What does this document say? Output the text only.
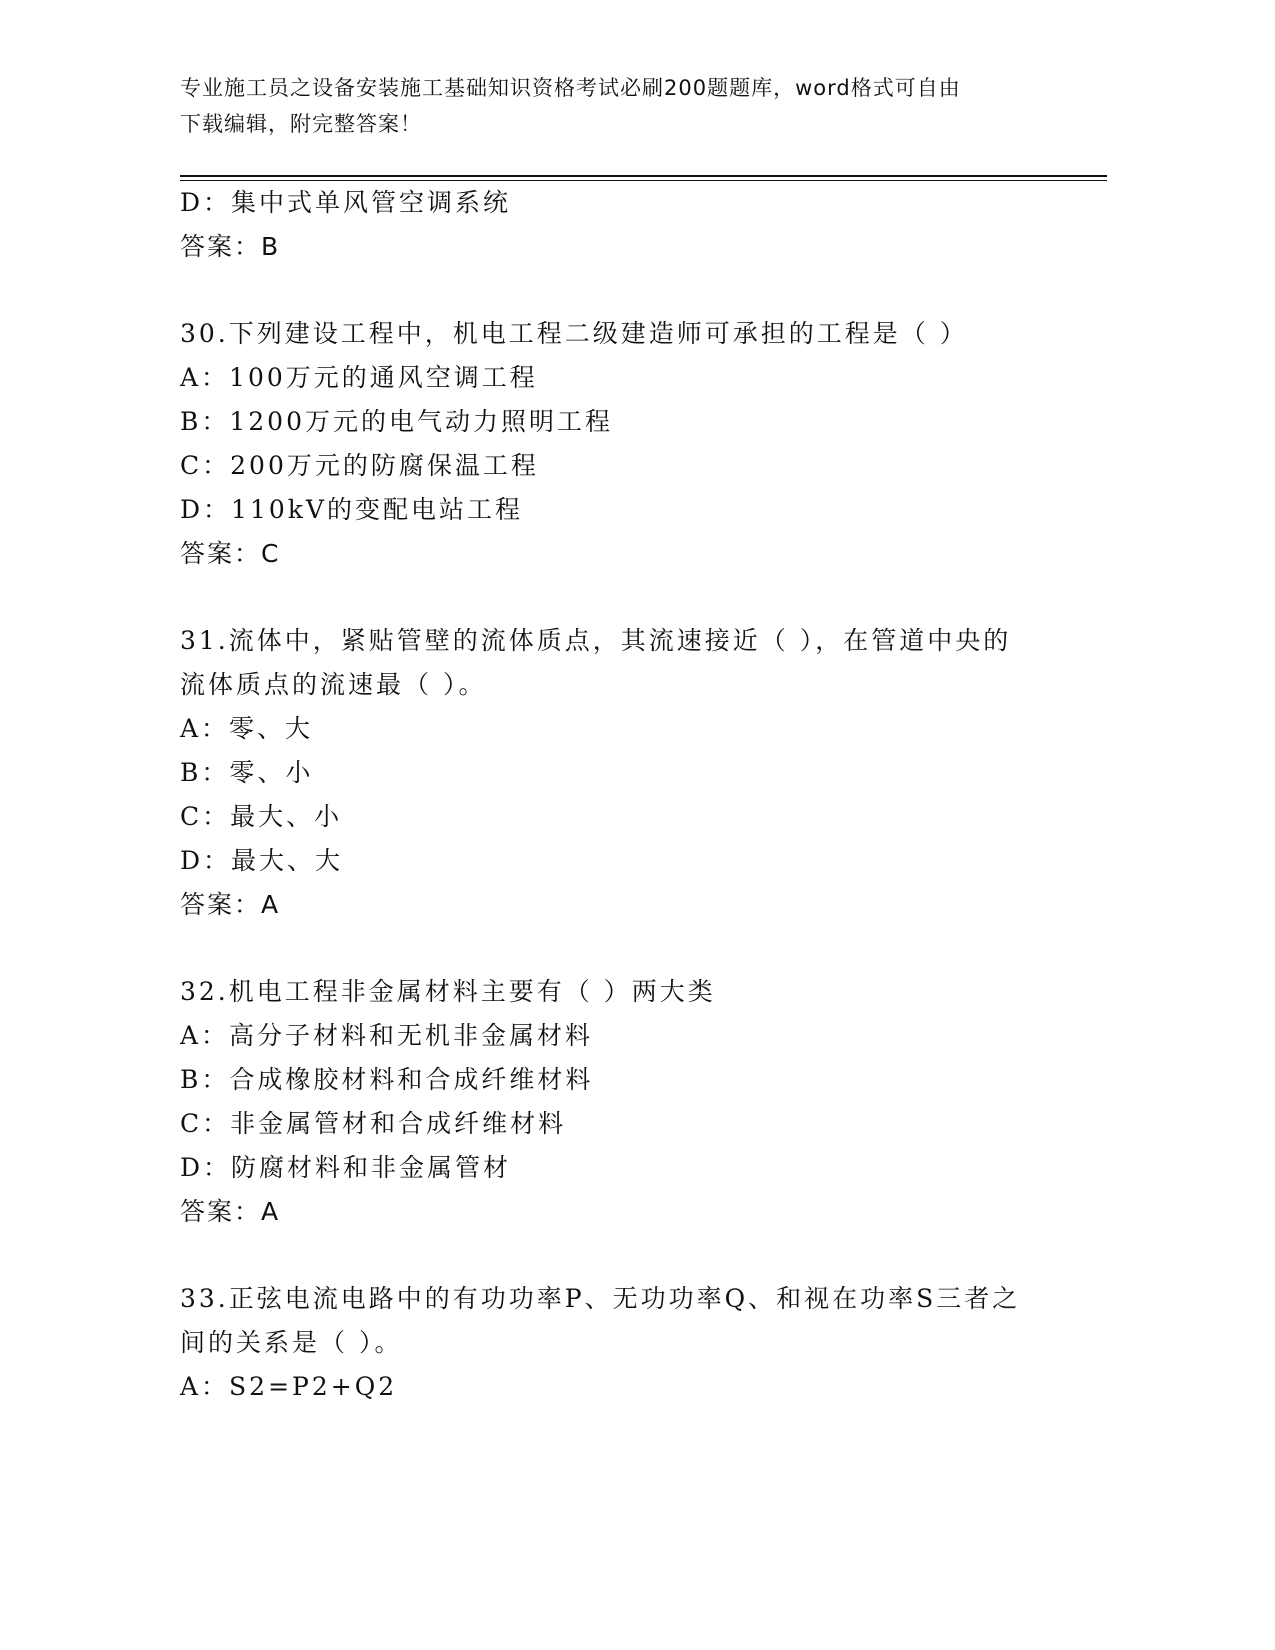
专业施工员之设备安装施工基础知识资格考试必刷200题题库，word格式可自由
下载编辑，附完整答案！
D：集中式单风管空调系统
答案：B
30.下列建设工程中，机电工程二级建造师可承担的工程是（ ）
A：100万元的通风空调工程
B：1200万元的电气动力照明工程
C：200万元的防腐保温工程
D：110kV的变配电站工程
答案：C
31.流体中，紧贴管壁的流体质点，其流速接近（ ），在管道中央的
流体质点的流速最（ ）。
A：零、大
B：零、小
C：最大、小
D：最大、大
答案：A
32.机电工程非金属材料主要有（ ）两大类
A：高分子材料和无机非金属材料
B：合成橡胶材料和合成纤维材料
C：非金属管材和合成纤维材料
D：防腐材料和非金属管材
答案：A
33.正弦电流电路中的有功功率P、无功功率Q、和视在功率S三者之
间的关系是（ ）。
A：S2=P2+Q2
